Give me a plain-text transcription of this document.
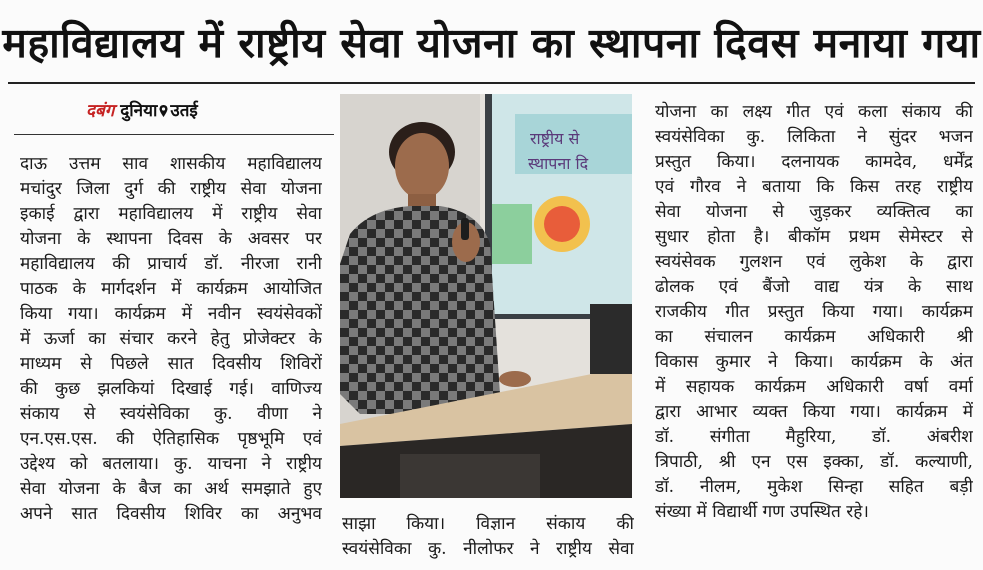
महाविद्यालय में राष्ट्रीय सेवा योजना का स्थापना दिवस मनाया गया
दबंग दुनिया उतई

दाऊ उत्तम साव शासकीय महाविद्यालय

मचांदुर जिला दुर्ग की राष्ट्रीय सेवा योजना

इकाई द्वारा महाविद्यालय में राष्ट्रीय सेवा

योजना के स्थापना दिवस के अवसर पर

महाविद्यालय की प्राचार्य डॉ. नीरजा रानी

पाठक के मार्गदर्शन में कार्यक्रम आयोजित

किया गया। कार्यक्रम में नवीन स्वयंसेवकों

में ऊर्जा का संचार करने हेतु प्रोजेक्टर के

माध्यम से पिछले सात दिवसीय शिविरों

की कुछ झलकियां दिखाई गई। वाणिज्य

संकाय से स्वयंसेविका कु. वीणा ने

एन.एस.एस. की ऐतिहासिक पृष्ठभूमि एवं

उद्देश्य को बतलाया। कु. याचना ने राष्ट्रीय

सेवा योजना के बैज का अर्थ समझाते हुए

अपने सात दिवसीय शिविर का अनुभव साझा किया। विज्ञान संकाय की

स्वयंसेविका कु. नीलोफर ने राष्ट्रीय सेवा

योजना का लक्ष्य गीत एवं कला संकाय की

स्वयंसेविका कु. लिकिता ने सुंदर भजन

प्रस्तुत किया। दलनायक कामदेव, धर्मेंद्र

एवं गौरव ने बताया कि किस तरह राष्ट्रीय

सेवा योजना से जुड़कर व्यक्तित्व का

सुधार होता है। बीकॉम प्रथम सेमेस्टर से

स्वयंसेवक गुलशन एवं लुकेश के द्वारा

ढोलक एवं बैंजो वाद्य यंत्र के साथ

राजकीय गीत प्रस्तुत किया गया। कार्यक्रम

का संचालन कार्यक्रम अधिकारी श्री

विकास कुमार ने किया। कार्यक्रम के अंत

में सहायक कार्यक्रम अधिकारी वर्षा वर्मा

द्वारा आभार व्यक्त किया गया। कार्यक्रम में

डॉ. संगीता मैहुरिया, डॉ. अंबरीश

त्रिपाठी, श्री एन एस इक्का, डॉ. कल्याणी,

डॉ. नीलम, मुकेश सिन्हा सहित बड़ी

संख्या में विद्यार्थी गण उपस्थित रहे।

राष्ट्रीय से
स्थापना दि
